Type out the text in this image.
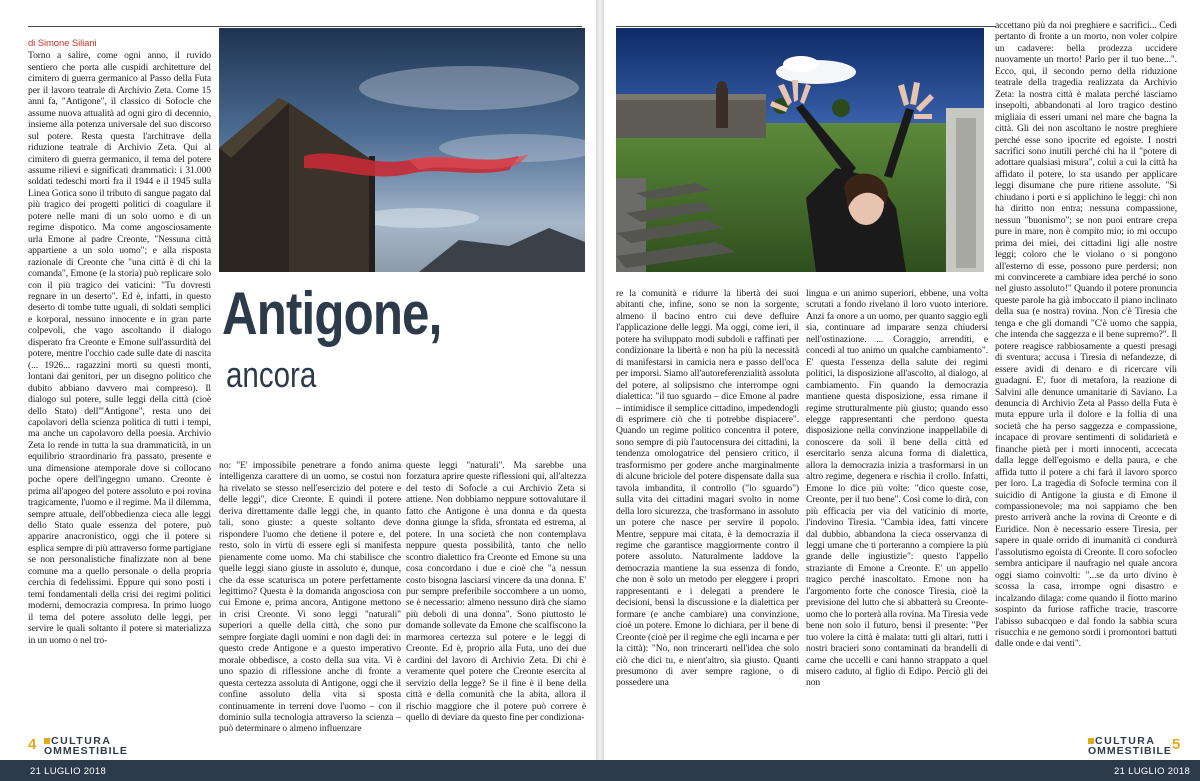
di Simone Siliani

Torno a salire, come ogni anno, il ruvido sentiero che porta alle cuspidi architetture del cimitero di guerra germanico al Passo della Futa per il lavoro teatrale di Archivio Zeta. Come 15 anni fa, "Antigone", il classico di Sofocle che assume nuova attualità ad ogni giro di decennio, insieme alla potenza universale del suo discorso sul potere. Resta questa l'architrave della riduzione teatrale di Archivio Zeta. Qui al cimitero di guerra germanico, il tema del potere assume rilievi e significati drammatici: i 31.000 soldati tedeschi morti fra il 1944 e il 1945 sulla Linea Gotica sono il tributo di sangue pagato dal più tragico dei progetti politici di coagulare il potere nelle mani di un solo uomo e di un regime dispotico. Ma come angosciosamente urla Emone al padre Creonte, "Nessuna città appartiene a un solo uomo"; e alla risposta razionale di Creonte che "una città è di chi la comanda", Emone (e la storia) può replicare solo con il più tragico dei vaticini: "Tu dovresti regnare in un deserto". Ed è, infatti, in questo deserto di tombe tutte uguali, di soldati semplici e korporal, nessuno innocente e in gran parte colpevoli, che vago ascoltando il dialogo disperato fra Creonte e Emone sull'assurdità del potere, mentre l'occhio cade sulle date di nascita (... 1926... ragazzini morti su questi monti, lontani dai genitori, per un disegno politico che dubito abbiano davvero mai compreso). Il dialogo sul potere, sulle leggi della città (cioè dello Stato) dell'"Antigone", resta uno dei capolavori della scienza politica di tutti i tempi, ma anche un capolavoro della poesia. Archivio Zeta lo rende in tutta la sua drammaticità, in un equilibrio straordinario fra passato, presente e una dimensione atemporale dove si collocano poche opere dell'ingegno umano. Creonte è prima all'apogeo del potere assoluto e poi rovina tragicamente, l'uomo e il regime. Ma il dilemma, sempre attuale, dell'obbedienza cieca alle leggi dello Stato quale essenza del potere, può apparire anacronistico, oggi che il potere si esplica sempre di più attraverso forme partigiane se non personalistiche finalizzate non al bene comune ma a quello personale o della propria cerchia di fedelissimi. Eppure qui sono posti i temi fondamentali della crisi dei regimi politici moderni, democrazia compresa. In primo luogo il tema del potere assoluto delle leggi, per servire le quali soltanto il potere si materializza in un uomo o nel tro-

Antigone,
ancora

no: "E' impossibile penetrare a fondo anima intelligenza carattere di un uomo, se costui non ha rivelato se stesso nell'esercizio del potere e delle leggi", dice Creonte. E quindi il potere deriva direttamente dalle leggi che, in quanto tali, sono giuste: a queste soltanto deve rispondere l'uomo che detiene il potere e, del resto, solo in virtù di essere egli si manifesta pienamente come uomo. Ma chi stabilisce che quelle leggi siano giuste in assoluto e, dunque, che da esse scaturisca un potere perfettamente legittimo? Questa è la domanda angosciosa con cui Emone e, prima ancora, Antigone mettono in crisi Creonte. Vi sono leggi "naturali" superiori a quelle della città, che sono pur sempre forgiate dagli uomini e non dagli dei: in questo crede Antigone e a questo imperativo morale obbedisce, a costo della sua vita. Vi è uno spazio di riflessione anche di fronte a questa certezza assoluta di Antigone, oggi che il confine assoluto della vita si sposta continuamente in terreni dove l'uomo – con il dominio sulla tecnologia attraverso la scienza – può determinare o almeno influenzare

queste leggi "naturali". Ma sarebbe una forzatura aprire queste riflessioni qui, all'altezza del testo di Sofocle a cui Archivio Zeta si attiene. Non dobbiamo neppure sottovalutare il fatto che Antigone è una donna e da questa donna giunge la sfida, sfrontata ed estrema, al potere. In una società che non contemplava neppure questa possibilità, tanto che nello scontro dialettico fra Creonte ed Emone su una cosa concordano i due e cioè che "a nessun costo bisogna lasciarsi vincere da una donna. E' pur sempre preferibile soccombere a un uomo, se è necessario: almeno nessuno dirà che siamo più deboli di una donna". Sono piuttosto le domande sollevate da Emone che scalfiscono la marmorea certezza sul potere e le leggi di Creonte. Ed è, proprio alla Futa, uno dei due cardini del lavoro di Archivio Zeta. Di chi è veramente quel potere che Creonte esercita al servizio della legge? Se il fine è il bene della città e della comunità che la abita, allora il rischio maggiore che il potere può correre è quello di deviare da questo fine per condiziona-

4	CULTURA
OMMESTIBILE

re la comunità e ridurre la libertà dei suoi abitanti che, infine, sono se non la sorgente, almeno il bacino entro cui deve defluire l'applicazione delle leggi. Ma oggi, come ieri, il potere ha sviluppato modi subdoli e raffinati per condizionare la libertà e non ha più la necessità di manifestarsi in camicia nera e passo dell'oca per imporsi. Siamo all'autoreferenzialità assoluta del potere, al solipsismo che interrompe ogni dialettica: "il tuo sguardo – dice Emone al padre – intimidisce il semplice cittadino, impedendogli di esprimere ciò che ti potrebbe dispiacere". Quando un regime politico concentra il potere, sono sempre di più l'autocensura dei cittadini, la tendenza omologatrice del pensiero critico, il trasformismo per godere anche marginalmente di alcune briciole del potere dispensate dalla sua tavola imbandita, il controllo ("lo sguardo") sulla vita dei cittadini magari svolto in nome della loro sicurezza, che trasformano in assoluto un potere che nasce per servire il popolo. Mentre, seppure mai citata, è la democrazia il regime che garantisce maggiormente contro il potere assoluto. Naturalmente laddove la democrazia mantiene la sua essenza di fondo, che non è solo un metodo per eleggere i propri rappresentanti e i delegati a prendere le decisioni, bensì la discussione e la dialettica per formare (e anche cambiare) una convinzione, cioè un potere. Emone lo dichiara, per il bene di Creonte (cioè per il regime che egli incarna e per la città): "No, non trincerarti nell'idea che solo ciò che dici tu, e nient'altro, sia giusto. Quanti presumono di aver sempre ragione, o di possedere una

lingua e un animo superiori, ebbene, una volta scrutati a fondo rivelano il loro vuoto interiore. Anzi fa onore a un uomo, per quanto saggio egli sia, continuare ad imparare senza chiudersi nell'ostinazione. ... Coraggio, arrenditi, e concedi al tuo animo un qualche cambiamento". E' questa l'essenza della salute dei regimi politici, la disposizione all'ascolto, al dialogo, al cambiamento. Fin quando la democrazia mantiene questa disposizione, essa rimane il regime strutturalmente più giusto; quando esso elegge rappresentanti che perdono questa disposizione nella convinzione inappellabile di conoscere da soli il bene della città ed esercitarlo senza alcuna forma di dialettica, allora la democrazia inizia a trasformarsi in un altro regime, degenera e rischia il crollo. Infatti, Emone lo dice più volte: "dico queste cose, Creonte, per il tuo bene". Così come lo dirà, con più efficacia per via del vaticinio di morte, l'indovino Tiresia. "Cambia idea, fatti vincere dal dubbio, abbandona la cieca osservanza di leggi umane che ti porteranno a compiere la più grande delle ingiustizie": questo l'appello straziante di Emone a Creonte. E' un appello tragico perché inascoltato. Emone non ha l'argomento forte che conosce Tiresia, cioè la previsione del lutto che si abbatterà su Creonte-uomo che lo porterà alla rovina. Ma Tiresia vede bene non solo il futuro, bensì il presente: "Per tuo volere la città è malata: tutti gli altari, tutti i nostri bracieri sono contaminati da brandelli di carne che uccelli e cani hanno strappato a quel misero caduto, al figlio di Edipo. Perciò gli dei non

accettano più da noi preghiere e sacrifici... Cedi pertanto di fronte a un morto, non voler colpire un cadavere: bella prodezza uccidere nuovamente un morto! Parlo per il tuo bene...". Ecco, qui, il secondo perno della riduzione teatrale della tragedia realizzata da Archivio Zeta: la nostra città è malata perché lasciamo insepolti, abbandonati al loro tragico destino migliaia di esseri umani nel mare che bagna la città. Gli dei non ascoltano le nostre preghiere perché esse sono ipocrite ed egoiste. I nostri sacrifici sono inutili perché chi ha il "potere di adottare qualsiasi misura", coluì a cui la città ha affidato il potere, lo sta usando per applicare leggi disumane che pure ritiene assolute. "Si chiudano i porti e si applichino le leggi: chi non ha diritto non entra; nessuna compassione, nessun "buonismo"; se non puoi entrare crepa pure in mare, non è compito mio; io mi occupo prima dei miei, dei cittadini ligi alle nostre leggi; coloro che le violano o si pongono all'esterno di esse, possono pure perdersi; non mi convincerete a cambiare idea perché io sono nel giusto assoluto!" Quando il potere pronuncia queste parole ha già imboccato il piano inclinato della sua (e nostra) rovina. Non c'è Tiresia che tenga e che gli domandi "C'è uomo che sappia, che intenda che saggezza e il bene supremo?". Il potere reagisce rabbiosamente a questi presagi di sventura; accusa i Tiresia di nefandezze, di essere avidi di denaro e di ricercare vili guadagni. E', fuor di metafora, la reazione di Salvini alle denunce umanitarie di Saviano. La denuncia di Archivio Zeta al Passo della Futa è muta eppure urla il dolore e la follia di una società che ha perso saggezza e compassione, incapace di provare sentimenti di solidarietà e finanche pietà per i morti innocenti, accecata dalla legge dell'egoismo e della paura, e che affida tutto il potere a chi farà il lavoro sporco per loro. La tragedia di Sofocle termina con il suicidio di Antigone la giusta e di Emone il compassionevole; ma noi sappiamo che ben presto arriverà anche la rovina di Creonte e di Euridice. Non è necessario essere Tiresia, per sapere in quale orrido di inumanità ci condurrà l'assolutismo egoista di Creonte. Il coro sofocleo sembra anticipare il naufragio nel quale ancora oggi siamo coinvolti: "...se da urto divino è scossa la casa, irrompe ogni disastro e incalzando dilaga: come quando il fiotto marino sospinto da furiose raffiche tracie, trascorre l'abisso subacqueo e dal fondo la sabbia scura risucchia e ne gemono sordi i promontori battuti dalle onde e dai venti".

CULTURA
OMMESTIBILE 5
21 LUGLIO 2018	21 LUGLIO 2018
